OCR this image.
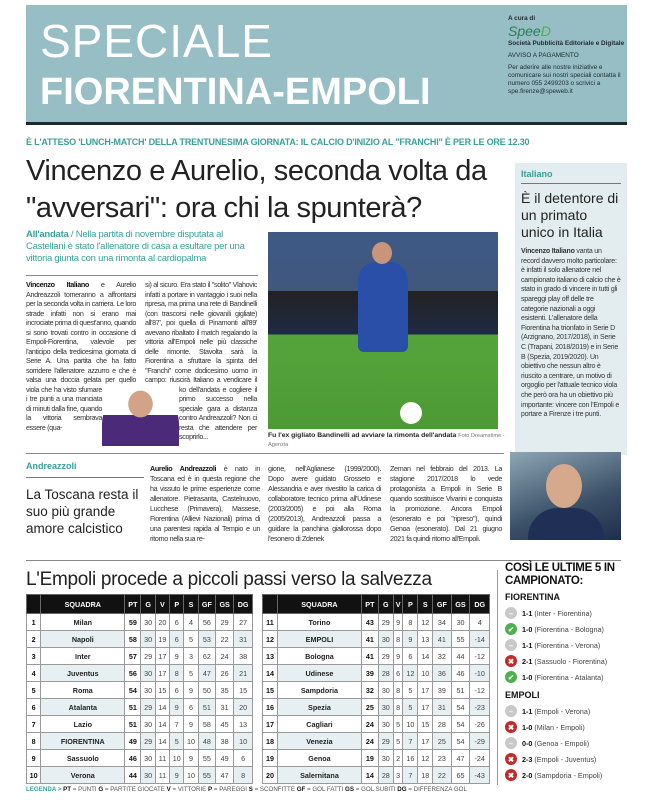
SPECIALE
FIORENTINA-EMPOLI
A cura di
SpeeD
Società Pubblicità Editoriale e Digitale
AVVISO A PAGAMENTO
Per aderire alle nostre iniziative e comunicare sui nostri speciali contatta il numero 055 2499203 o scrivici a spe.firenze@speweb.it
È L'ATTESO 'LUNCH-MATCH' DELLA TRENTUNESIMA GIORNATA: IL CALCIO D'INIZIO AL "FRANCHI" È PER LE ORE 12.30
Vincenzo e Aurelio, seconda volta da "avversari": ora chi la spunterà?
Italiano
È il detentore di un primato unico in Italia
Vincenzo Italiano vanta un record davvero molto particolare: è infatti il solo allenatore nel campionato italiano di calcio che è stato in grado di vincere in tutti gli spareggi play off delle tre categorie nazionali a oggi esistenti. L'allenatore della Fiorentina ha trionfato in Serie D (Arzignano, 2017/2018), in Serie C (Trapani, 2018/2019) e in Serie B (Spezia, 2019/2020). Un obiettivo che nessun altro è riuscito a centrare, un motivo di orgoglio per l'attuale tecnico viola che però ora ha un obiettivo più importante: vincere con l'Empoli e portare a Firenze i tre punti.
All'andata / Nella partita di novembre disputata al Castellani è stato l'allenatore di casa a esultare per una vittoria giunta con una rimonta al cardiopalma
Vincenzo Italiano e Aurelio Andreazzoli torneranno a affrontarsi per la seconda volta in carriera. Le loro strade infatti non si erano mai incrociate prima di quest'anno, quando si sono trovati contro in occasione di Empoli-Fiorentina, valevole per l'anticipo della tredicesima giornata di Serie A. Una partita che ha fatto sorridere l'allenatore azzurro e che è valsa una doccia gelata per quello viola che ha visto sfumare i tre punti a una manciata di minuti dalla fine, quando la vittoria sembrava essere (qua-
si) al sicuro. Era stato il "solito" Vlahovic infatti a portare in vantaggio i suoi nella ripresa, ma prima una rete di Bandinelli (con trascorsi nelle giovanili gigliate) all'87', poi quella di Pinamonti all'89' avevano ribaltato il match regalando la vittoria all'Empoli nelle più classiche delle rimonte. Stavolta sarà la Fiorentina a sfruttare la spinta del "Franchi" come dodicesimo uomo in campo: riuscirà Italiano a vendicare il ko dell'andata e cogliere il primo successo nella speciale gara a distanza contro Andreazzoli? Non ci resta che attendere per scoprirlo...	Fu l'ex gigliato Bandinelli ad avviare la rimonta dell'andata Foto Dreamstime - Agenzia
Andreazzoli
La Toscana resta il suo più grande amore calcistico
Aurelio Andreazzoli è nato in Toscana ed è in questa regione che ha vissuto le prime esperienze come allenatore. Pietrasanta, Castelnuovo, Lucchese (Primavera), Massese, Fiorentina (Allievi Nazionali) prima di una parentesi rapida al Tempio e un ritorno nella sua re-
gione, nell'Aglianese (1999/2000). Dopo avere guidato Grosseto e Alessandria e aver rivestito la carica di collaboratore tecnico prima all'Udinese (2003/2005) e poi alla Roma (2005/2013), Andreazzoli passa a guidare la panchina giallorossa dopo l'esonero di Zdenek
Zeman nel febbraio del 2013. La stagione 2017/2018 lo vede protagonista a Empoli in Serie B quando sostituisce Vivarini e conquista la promozione. Ancora Empoli (esonerato e poi "ripreso"), quindi Genoa (esonerato). Dal 21 giugno 2021 fa quindi ritorno all'Empoli.
L'Empoli procede a piccoli passi verso la salvezza
	SQUADRA	PT	G	V	P	S	GF	GS	DG
1	Milan	59	30	20	6	4	56	29	27
2	Napoli	58	30	19	6	5	53	22	31
3	Inter	57	29	17	9	3	62	24	38
4	Juventus	56	30	17	8	5	47	26	21
5	Roma	54	30	15	6	9	50	35	15
6	Atalanta	51	29	14	9	6	51	31	20
7	Lazio	51	30	14	7	9	58	45	13
8	FIORENTINA	49	29	14	5	10	48	38	10
9	Sassuolo	46	30	11	10	9	55	49	6
10	Verona	44	30	11	9	10	55	47	8
	SQUADRA	PT	G	V	P	S	GF	GS	DG
11	Torino	43	29	9	8	12	34	30	4
12	EMPOLI	41	30	8	9	13	41	55	-14
13	Bologna	41	29	9	6	14	32	44	-12
14	Udinese	39	28	6	12	10	36	46	-10
15	Sampdoria	32	30	8	5	17	39	51	-12
16	Spezia	25	30	8	5	17	31	54	-23
17	Cagliari	24	30	5	10	15	28	54	-26
18	Venezia	24	29	5	7	17	25	54	-29
19	Genoa	19	30	2	16	12	23	47	-24
20	Salernitana	14	28	3	7	18	22	65	-43
LEGENDA > PT = PUNTI G = PARTITE GIOCATE V = VITTORIE P = PAREGGI S = SCONFITTE GF = GOL FATTI GS = GOL SUBITI DG = DIFFERENZA GOL
COSÌ LE ULTIME 5 IN CAMPIONATO:
FIORENTINA
–	1-1 (Inter - Fiorentina)
✔	1-0 (Fiorentina - Bologna)
–	1-1 (Fiorentina - Verona)
✖	2-1 (Sassuolo - Fiorentina)
✔	1-0 (Fiorentina - Atalanta)
EMPOLI
–	1-1 (Empoli - Verona)
✖	1-0 (Milan - Empoli)
–	0-0 (Genoa - Empoli)
✖	2-3 (Empoli - Juventus)
✖	2-0 (Sampdoria - Empoli)
